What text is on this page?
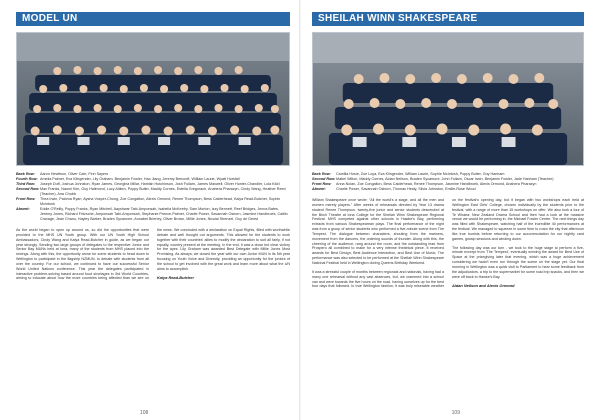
MODEL UN
Back Row:	Aaron Hewitson, Oliver Cain, Finn Sayers
Fourth Row: Amelia Palmer, Eva Klingender, Lily Graham, Benjamin Fowler, Hao Jiang, Jeremy Beecroft, William Laurie, Wyatt Horsfall
Third Row:	Joseph Duff, Joshua Johnston, Ryan James, Georgina Millar, Hamish Hutchinson, Josh Fullarn, James Maxwell, Oliver Hunter-Chandler, Lola Kidd
Second Row: Max Franks, Naomi Kim, Guy Hallmond, Lucy Aitken, Poppy Butler, Maddy Cornes, Estella Gregorach, Anahera Pharazyn, Cindy Wang, Heather Reed (Teacher), Ana Chubb
Front Row:	Thea Irwin, Paloma Ryan, Aysha Vosper-Chong, Zoe Congalton, Alexis Ormond, Renee Thompson, Bess Calderhead, Kaiya Read-Butcher, Sophie McIntosh
Absent:	Eddie O'Reilly, Poppy Franks, Ryan Mitchell, Aayshwar Tabi-Amponsah, Isabella McKeefry, Sam Morton, Izzy Bennett, Reef Bridges, Jenna Bates, Jeremy Jones, Richard Fritzsche, Amponsah Tabi-Amponsah, Stephanie Prence-Palmer, Charlie Power, Savannah Osborn, Jasmine Handbroek, Caitlin Cravage, Jean Chanu, Hayley Barker, Braden Sycamore, Annabel Brierley, Oliver Brown, Millie Jones, Nicolai Strenzel, Guy de Geest

As the world began to open up around us, so did the opportunities that were provided to the MHS UN Youth group. With our UN Youth High School Ambassadors, Cindy Wang and Kaiya Read-Butcher in guide, as we began our year strongly. Sending two large groups of delegates to the respective Junior and Senior Bay MUNs held at Iona, many of the students from MHS placed into the mixings. Along with this, the opportunity arose for some students to head down to Wellington to participate in the flagship NZMUN, to debate with students from all over the country. For our school, we continued to have our successful Senior World United Nations conference. This year the delegates participated in interactive problem-solving based around food shortages in 3rd World Countries, aiming to educate about how the more countries being affected than we see on the news. We concluded with a declaration on Equal Rights, filled with worthwhile debate and well thought out arguments. This allowed for the students to work together with their countries' allies to modify the declaration to suit all fairly, if not equally, country present at the meeting. In the end, it was a close but clear victory for the ayes. Lily Graham was awarded Best Delegate with Millie Jones Most Promising. As always, we closed the year with our own Junior MUN in its 5th year focusing on Youth Voice and Diversity, providing an opportunity for the juniors of the school to get involved with the great work and learn more about what the UN aims to accomplish.

Kaiya Read-Butcher
108
SHEILAH WINN SHAKESPEARE
Back Row:	Camilla Hosie, Zoe Loya, Eva Klingender, William Laurie, Sophie McIntosh, Poppy Butler, Guy Hanham
Second Row: Mabel Wilton, Maddy Cornes, Aidan Neilson, Braden Sycamore, John Fullarn, Oscar Irwin, Benjamin Fowler, Jade Hanham (Teacher)
Front Row:	Anna Nolan, Zoe Congalton, Bess Calderhead, Renee Thompson, Jasmine Handbroek, Alexis Ormond, Anahera Pharazyn
Absent:	Charlie Power, Savannah Osborn, Thomas Healy, Silvia Johnston, Emilie-Rose Wood

William Shakespeare once wrote: "All the world's a stage, and all the men and women merely players." After weeks of rehearsals directed by Year 13 drama student Renee Thompson, twenty-five junior and senior students descended at the Birch Theatre at Iona College for the Sheilah Winn Shakespeare Regional Festival. MHS competed against other schools in Hawke's Bay, performing extracts from various Shakespearean plays. The final performance of the night was from a group of senior students who performed a five-minute scene from The Tempest. The dialogue between characters, shouting from the mariners, movement from the dancers, the ordering sounds of thunder. Along with this, the cheering of the audience, rang around the room, and the outstanding lead from Prospero all combined to make for a very intense theatrical piece. It received awards for Best Design, Best Audience Interaction, and Best Use of Music. The performance was also selected to be performed at the Sheilah Winn Shakespeare National Festival held in Wellington during Queens Birthday Weekend.

It was a stressful couple of months between regionals and nationals, having had a many one rehearsal without any cast absences, but, we crammed into a school van and were towards the five hours on the road, having ourselves up for the best four days that followed. In true Wellington fashion, it was truly miserable weather on the festival's opening day, but it began with two workshops each held at Wellington East Girls' College, chosen individually by the students prior to the festival, with a range of more than 15 workshops on offer. We also took a tour of Te Whaea: New Zealand Drama School and then had a look at the massive venue we would be performing in, the Michael Fowler Centre. The next things day was filled with Shakespeare, watching half of the incredible 40 performances at the festival. We managed to squeeze in some time to roam the city that afternoon like true tourists before returning to our accommodation for our nightly card games, gossip sessions and winding down.

The following day was our turn - we took to the huge stage to perform a five-minute excerpt from 'The Tempest', eventually winning the award for Best Use of Space at the prizegiving later that evening, which was a huge achievement considering we hadn't even run through the scene on the stage yet. Our final morning in Wellington was a quick visit to Parliament to hear some feedback from the adjudicators, a trip to the supermarket for some road trip snacks, and then we were off back to Hawke's Bay.

Aidan Neilson and Alexis Ormond
109
